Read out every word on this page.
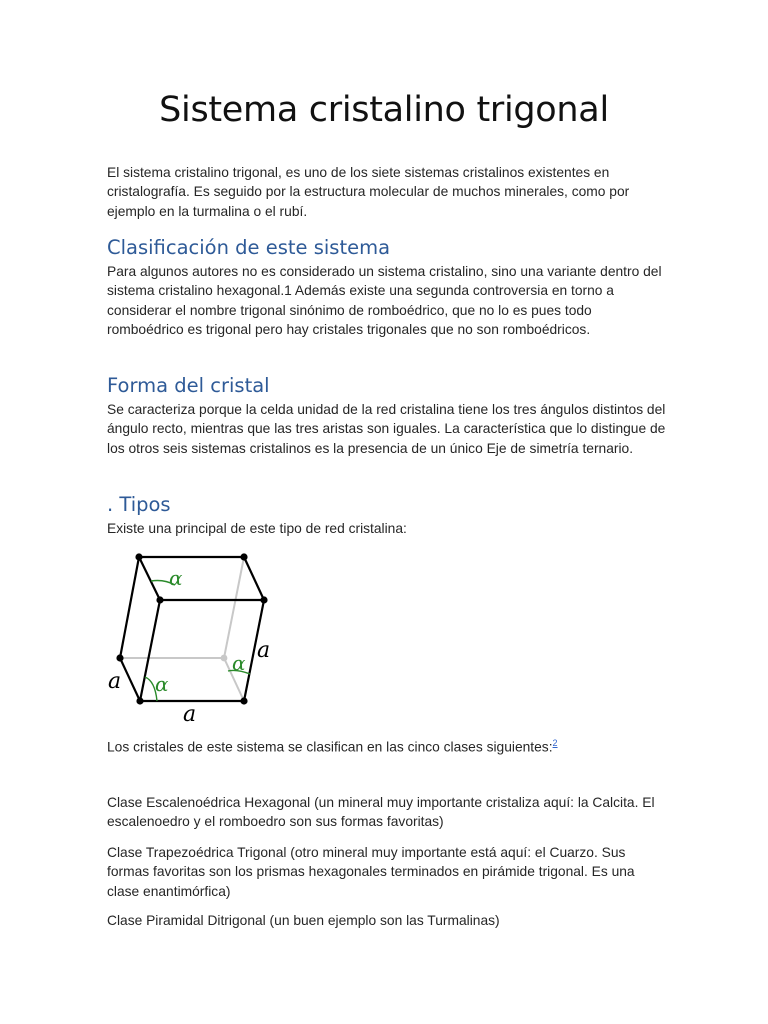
Sistema cristalino trigonal

El sistema cristalino trigonal, es uno de los siete sistemas cristalinos existentes en cristalografía. Es seguido por la estructura molecular de muchos minerales, como por ejemplo en la turmalina o el rubí.

Clasificación de este sistema

Para algunos autores no es considerado un sistema cristalino, sino una variante dentro del sistema cristalino hexagonal.1 Además existe una segunda controversia en torno a considerar el nombre trigonal sinónimo de romboédrico, que no lo es pues todo romboédrico es trigonal pero hay cristales trigonales que no son romboédricos.

Forma del cristal

Se caracteriza porque la celda unidad de la red cristalina tiene los tres ángulos distintos del ángulo recto, mientras que las tres aristas son iguales. La característica que lo distingue de los otros seis sistemas cristalinos es la presencia de un único Eje de simetría ternario.

. Tipos

Existe una principal de este tipo de red cristalina:

α
α
α a
a
a

Los cristales de este sistema se clasifican en las cinco clases siguientes:$^2$

Clase Escalenoédrica Hexagonal (un mineral muy importante cristaliza aquí: la Calcita. El escalenoedro y el romboedro son sus formas favoritas)

Clase Trapezoédrica Trigonal (otro mineral muy importante está aquí: el Cuarzo. Sus formas favoritas son los prismas hexagonales terminados en pirámide trigonal. Es una clase enantimórfica)

Clase Piramidal Ditrigonal (un buen ejemplo son las Turmalinas)
